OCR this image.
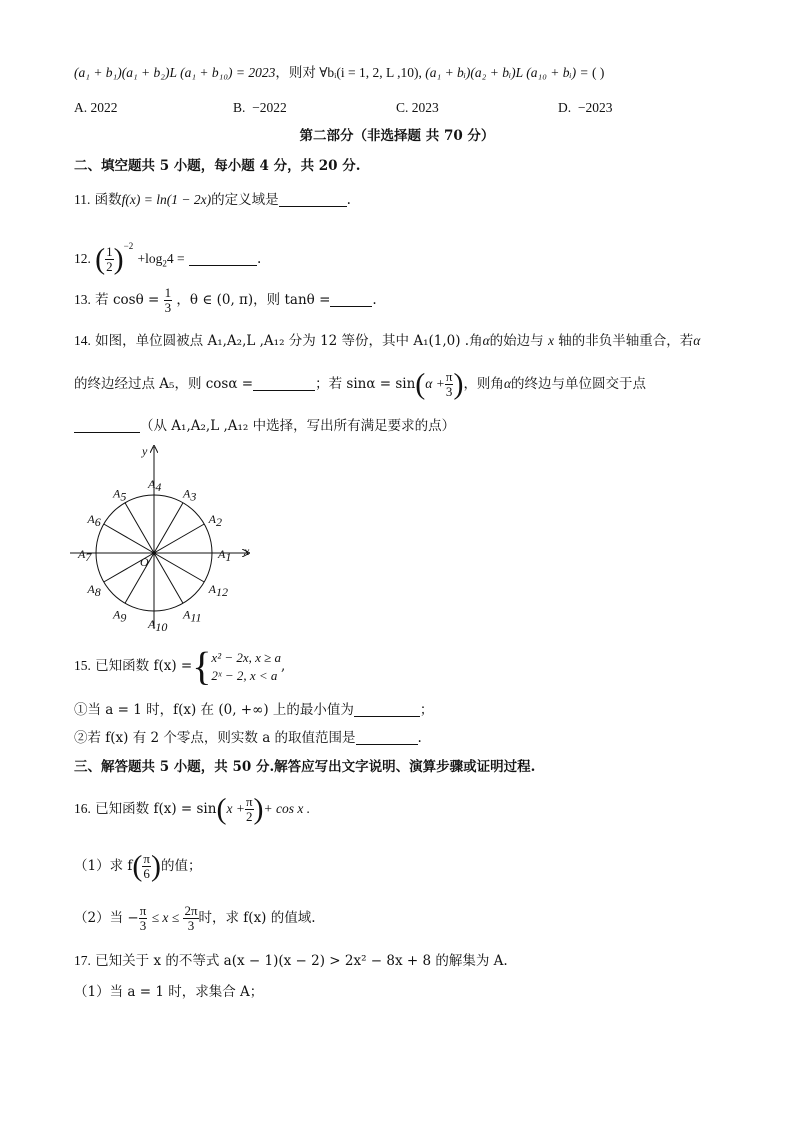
(a₁ + b₁)(a₁ + b₂)L (a₁ + b₁₀) = 2023，则对 ∀bᵢ(i = 1, 2, L ,10), (a₁ + bᵢ)(a₂ + bᵢ)L (a₁₀ + bᵢ) = ( )
A. 2022	B. −2022	C. 2023	D. −2023
第二部分（非选择题 共 70 分）
二、填空题共 5 小题，每小题 4 分，共 20 分.
11. 函数f(x) = ln(1 − 2x)的定义域是	.
12. ( $\frac{1}{2} )^{-2} +\log_24$ =	.
13. 若 $\cos\theta = \frac{1}{3}$ ，θ ∈ (0, π)，则 tanθ =	.
14. 如图，单位圆被点 A₁,A₂,L ,A₁₂ 分为 12 等份，其中 A₁(1,0) .角α的始边与 x 轴的非负半轴重合，若α
的终边经过点 A₅，则 cosα =	；若 $\sin\alpha = \sin(\alpha + \frac{\pi}{3}$ )，则角α的终边与单位圆交于点
（从 A₁,A₂,L ,A₁₂ 中选择，写出所有满足要求的点）
A1
A2
A3
A4
A5
A6
A7
A8
A9 A10
A11
A12
x
y
O
15. 已知函数 f(x) ={ x² − 2x, x ≥ a
2ˣ − 2, x < a
,
①当 a = 1 时，f(x) 在 (0, +∞) 上的最小值为	；
②若 f(x) 有 2 个零点，则实数 a 的取值范围是	.
三、解答题共 5 小题，共 50 分.解答应写出文字说明、演算步骤或证明过程.
16. 已知函数 $f(x) = \sin(x + \frac{\pi}{2}$ )+ cos x .
（1）求 $f( \frac{\pi}{6}$ )的值；
（2）当 − $\frac{\pi}{3} \le x \le \frac{2\pi}{3}$ 时，求 f(x) 的值域.
17. 已知关于 x 的不等式 a(x − 1)(x − 2) > 2x² − 8x + 8 的解集为 A.
（1）当 a = 1 时，求集合 A；
